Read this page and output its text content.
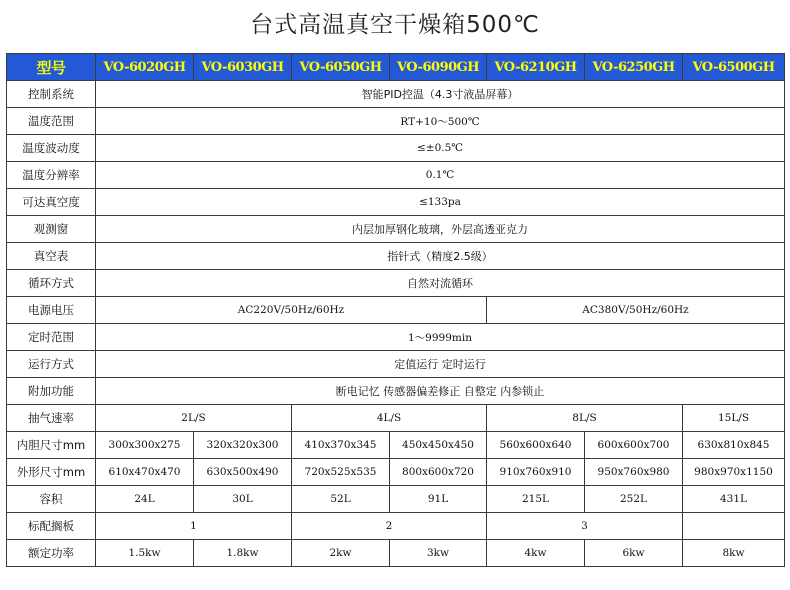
台式高温真空干燥箱500℃
型号	VO-6020GH	VO-6030GH	VO-6050GH	VO-6090GH	VO-6210GH	VO-6250GH	VO-6500GH
控制系统	智能PID控温（4.3寸液晶屏幕）						
温度范围	RT+10～500℃						
温度波动度	≤±0.5℃						
温度分辨率	0.1℃						
可达真空度	≤133pa						
观测窗	内层加厚钢化玻璃，外层高透亚克力						
真空表	指针式（精度2.5级）						
循环方式	自然对流循环						
电源电压	AC220V/50Hz/60Hz				AC380V/50Hz/60Hz		
定时范围	1～9999min						
运行方式	定值运行 定时运行						
附加功能	断电记忆 传感器偏差修正 自整定 内参锁止						
抽气速率	2L/S		4L/S		8L/S		15L/S
内胆尺寸mm	300x300x275	320x320x300	410x370x345	450x450x450	560x600x640	600x600x700	630x810x845
外形尺寸mm	610x470x470	630x500x490	720x525x535	800x600x720	910x760x910	950x760x980	980x970x1150
容积	24L	30L	52L	91L	215L	252L	431L
标配搁板	1		2		3		
额定功率	1.5kw	1.8kw	2kw	3kw	4kw	6kw	8kw
